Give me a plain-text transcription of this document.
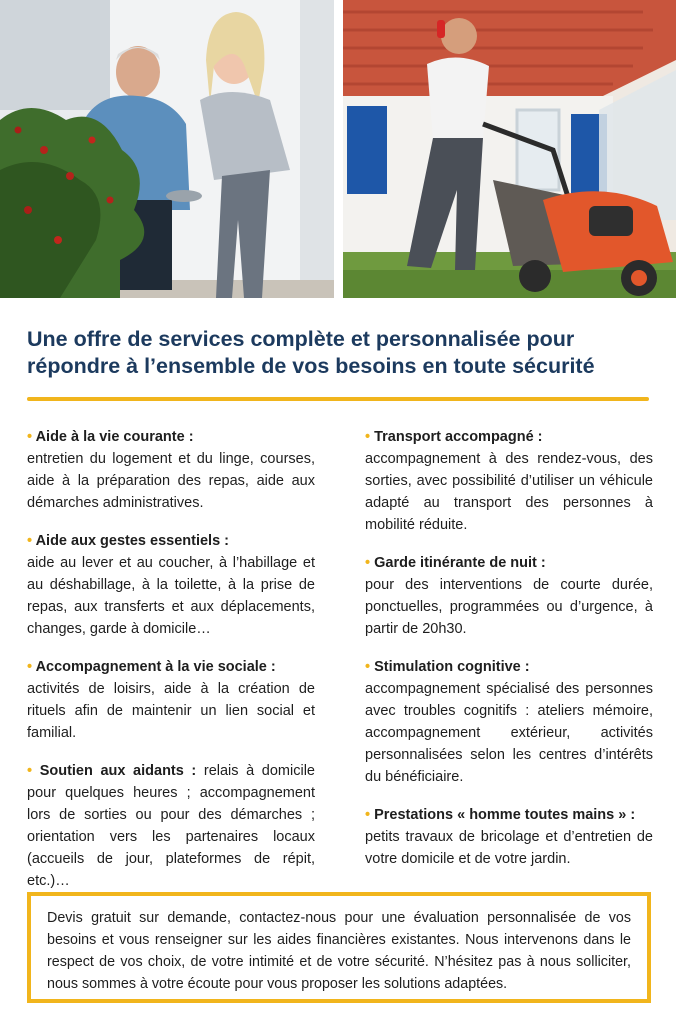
Une offre de services complète et personnalisée pour répondre à l’ensemble de vos besoins en toute sécurité
• Aide à la vie courante :
entretien du logement et du linge, courses, aide à la préparation des repas, aide aux démarches administratives.
• Aide aux gestes essentiels :
aide au lever et au coucher, à l’habillage et au déshabillage, à la toilette, à la prise de repas, aux transferts et aux déplacements, changes, garde à domicile…
• Accompagnement à la vie sociale :
activités de loisirs, aide à la création de rituels afin de maintenir un lien social et familial.
• Soutien aux aidants : relais à domicile pour quelques heures ; accompagnement lors de sorties ou pour des démarches ; orientation vers les partenaires locaux (accueils de jour, plateformes de répit, etc.)…
• Transport accompagné :
accompagnement à des rendez-vous, des sorties, avec possibilité d’utiliser un véhicule adapté au transport des personnes à mobilité réduite.
• Garde itinérante de nuit :
pour des interventions de courte durée, ponctuelles, programmées ou d’urgence, à partir de 20h30.
• Stimulation cognitive :
accompagnement spécialisé des personnes avec troubles cognitifs : ateliers mémoire, accompagnement extérieur, activités personnalisées selon les centres d’intérêts du bénéficiaire.
• Prestations « homme toutes mains » :
petits travaux de bricolage et d’entretien de votre domicile et de votre jardin.

Devis gratuit sur demande, contactez-nous pour une évaluation personnalisée de vos besoins et vous renseigner sur les aides financières existantes. Nous intervenons dans le respect de vos choix, de votre intimité et de votre sécurité. N’hésitez pas à nous solliciter, nous sommes à votre écoute pour vous proposer les solutions adaptées.
